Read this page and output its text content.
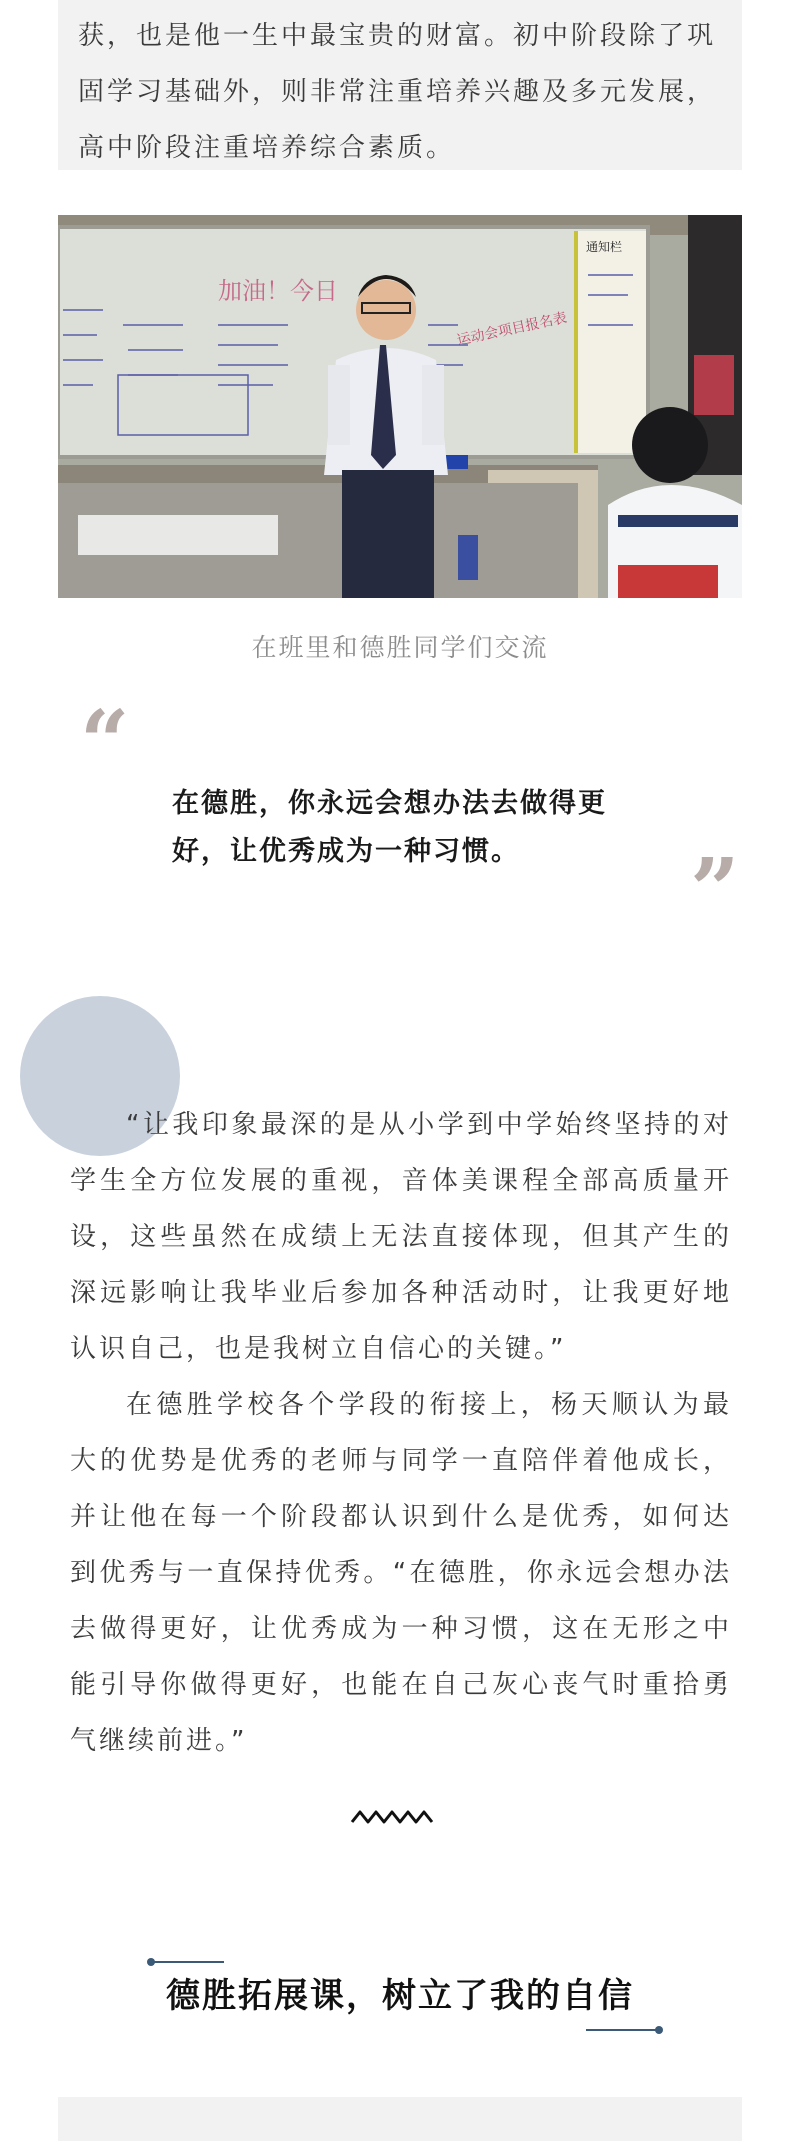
获，也是他一生中最宝贵的财富。初中阶段除了巩固学习基础外，则非常注重培养兴趣及多元发展，高中阶段注重培养综合素质。
通知栏
加油！今日
运动会项目报名表
在班里和德胜同学们交流
“
在德胜，你永远会想办法去做得更好，让优秀成为一种习惯。	”
“让我印象最深的是从小学到中学始终坚持的对学生全方位发展的重视，音体美课程全部高质量开设，这些虽然在成绩上无法直接体现，但其产生的深远影响让我毕业后参加各种活动时，让我更好地认识自己，也是我树立自信心的关键。”
在德胜学校各个学段的衔接上，杨天顺认为最大的优势是优秀的老师与同学一直陪伴着他成长，并让他在每一个阶段都认识到什么是优秀，如何达到优秀与一直保持优秀。“在德胜，你永远会想办法去做得更好，让优秀成为一种习惯，这在无形之中能引导你做得更好，也能在自己灰心丧气时重拾勇气继续前进。”
德胜拓展课，树立了我的自信
